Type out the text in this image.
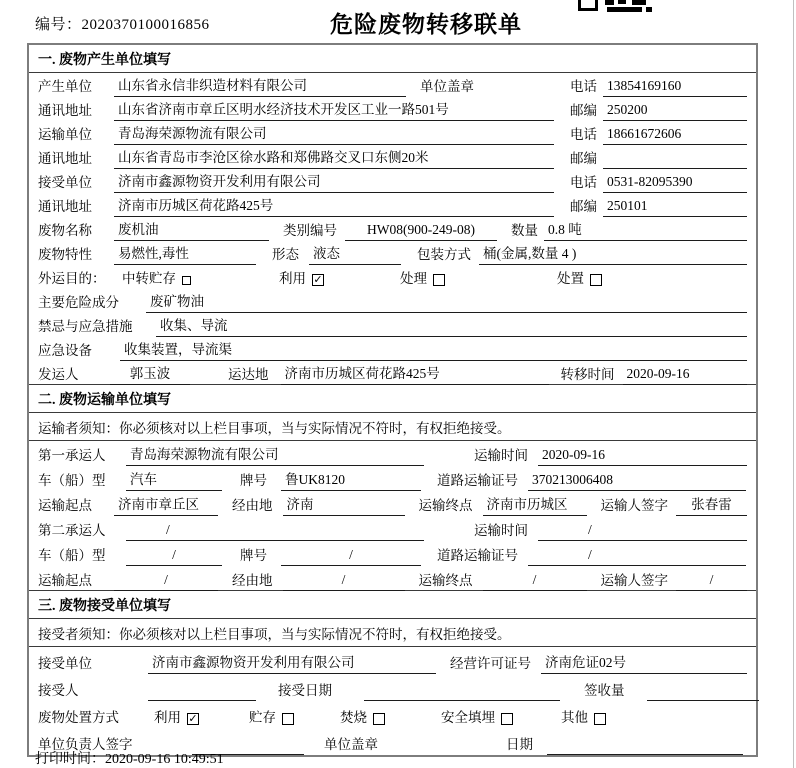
编号：2020370100016856	危险废物转移联单
一. 废物产生单位填写
产生单位	山东省永信非织造材料有限公司	单位盖章	电话 13854169160
通讯地址	山东省济南市章丘区明水经济技术开发区工业一路501号	邮编 250200
运输单位	青岛海荣源物流有限公司	电话 18661672606
通讯地址	山东省青岛市李沧区徐水路和郑佛路交叉口东侧20米	邮编
接受单位	济南市鑫源物资开发利用有限公司	电话 0531-82095390
通讯地址	济南市历城区荷花路425号	邮编 250101
废物名称	废机油	类别编号	HW08(900-249-08)	数量 0.8 吨
废物特性	易燃性,毒性	形态 液态	包装方式 桶(金属,数量 4 )
外运目的：	中转贮存	利用 ✓	处理	处置
主要危险成分	废矿物油
禁忌与应急措施	收集、导流
应急设备	收集装置，导流渠
发运人	郭玉波	运达地 济南市历城区荷花路425号	转移时间 2020-09-16
二. 废物运输单位填写
运输者须知：你必须核对以上栏目事项，当与实际情况不符时，有权拒绝接受。
第一承运人	青岛海荣源物流有限公司	运输时间 2020-09-16
车（船）型	汽车	牌号 鲁UK8120	道路运输证号 370213006408
运输起点	济南市章丘区	经由地 济南	运输终点 济南市历城区	运输人签字	张春雷
第二承运人	/	运输时间	/
车（船）型	/	牌号	/	道路运输证号	/
运输起点	/	经由地	/	运输终点	/	运输人签字	/
三. 废物接受单位填写
接受者须知：你必须核对以上栏目事项，当与实际情况不符时，有权拒绝接受。
接受单位	济南市鑫源物资开发利用有限公司	经营许可证号 济南危证02号
接受人	接受日期	签收量
废物处置方式	利用 ✓	贮存	焚烧	安全填埋	其他
单位负责人签字	单位盖章	日期
打印时间：2020-09-16 10:49:51
